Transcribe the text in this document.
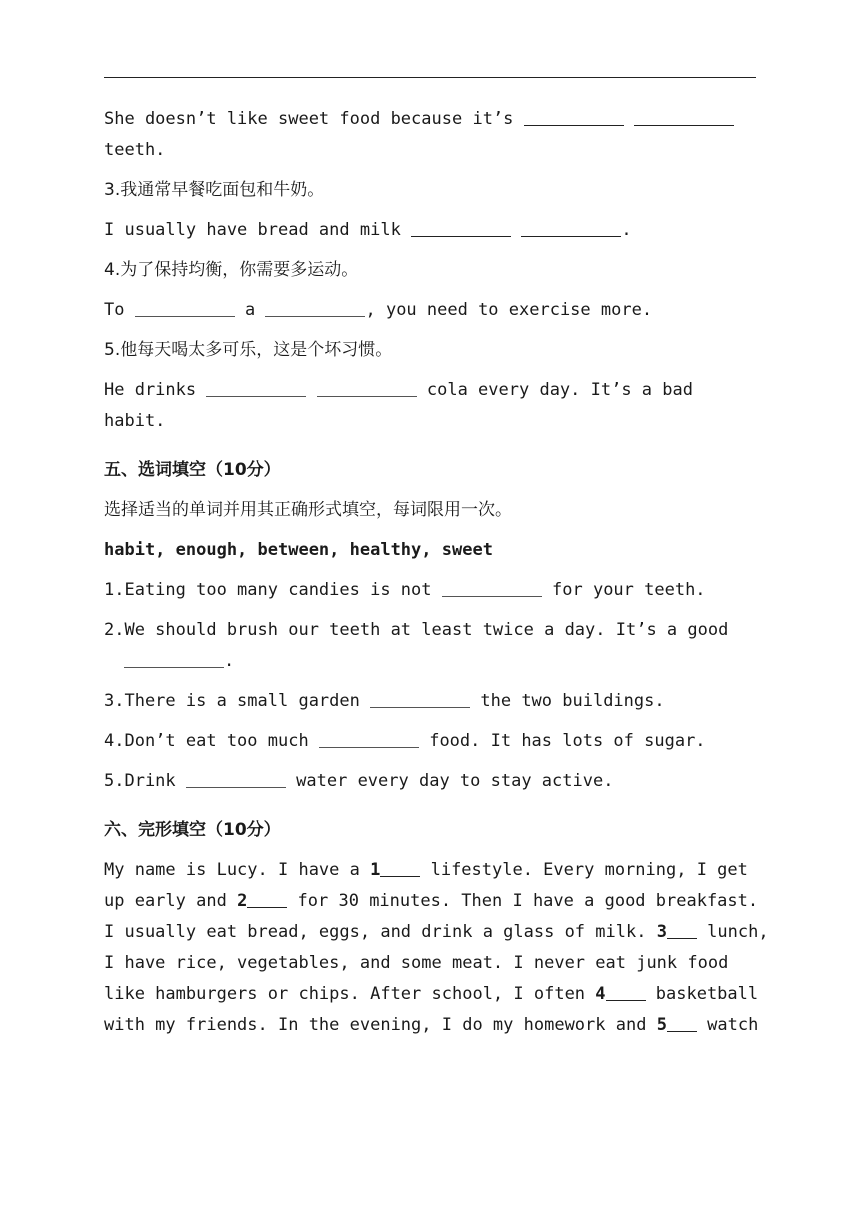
She doesn’t like sweet food because it’s

teeth.

3.我通常早餐吃面包和牛奶。

I usually have bread and milk	.

4.为了保持均衡，你需要多运动。

To	a	, you need to exercise more.

5.他每天喝太多可乐，这是个坏习惯。

He drinks	cola every day. It’s a bad

habit.

五、选词填空（10分）

选择适当的单词并用其正确形式填空，每词限用一次。

habit, enough, between, healthy, sweet

1.Eating too many candies is not	for your teeth.

2.We should brush our teeth at least twice a day. It’s a good

.

3.There is a small garden	the two buildings.

4.Don’t eat too much	food. It has lots of sugar.

5.Drink	water every day to stay active.

六、完形填空（10分）

My name is Lucy. I have a 1 lifestyle. Every morning, I get

up early and 2 for 30 minutes. Then I have a good breakfast.

I usually eat bread, eggs, and drink a glass of milk. 3 lunch,

I have rice, vegetables, and some meat. I never eat junk food

like hamburgers or chips. After school, I often 4 basketball

with my friends. In the evening, I do my homework and 5 watch
